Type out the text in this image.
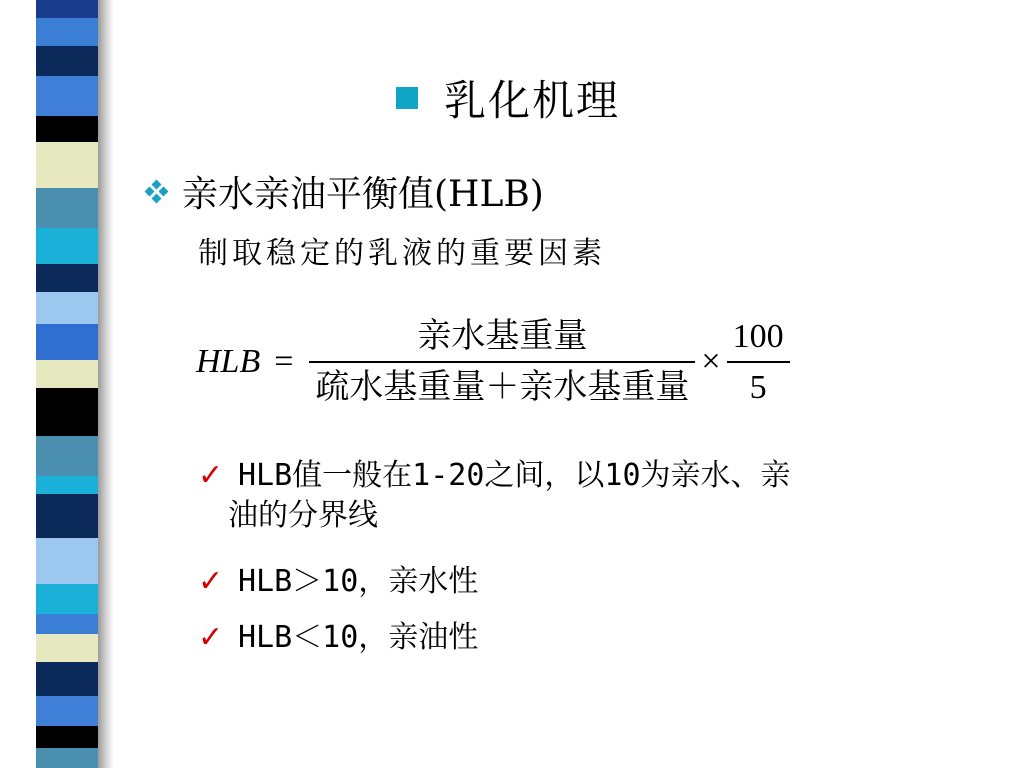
乳化机理
亲水亲油平衡值(HLB)
制取稳定的乳液的重要因素
HLB = $\frac{\text{亲水基重量}}{\text{疏水基重量＋亲水基重量}} \times \frac{100}{5}$
✓ HLB值一般在1-20之间，以10为亲水、亲
油的分界线
✓ HLB＞10，亲水性
✓ HLB＜10，亲油性
